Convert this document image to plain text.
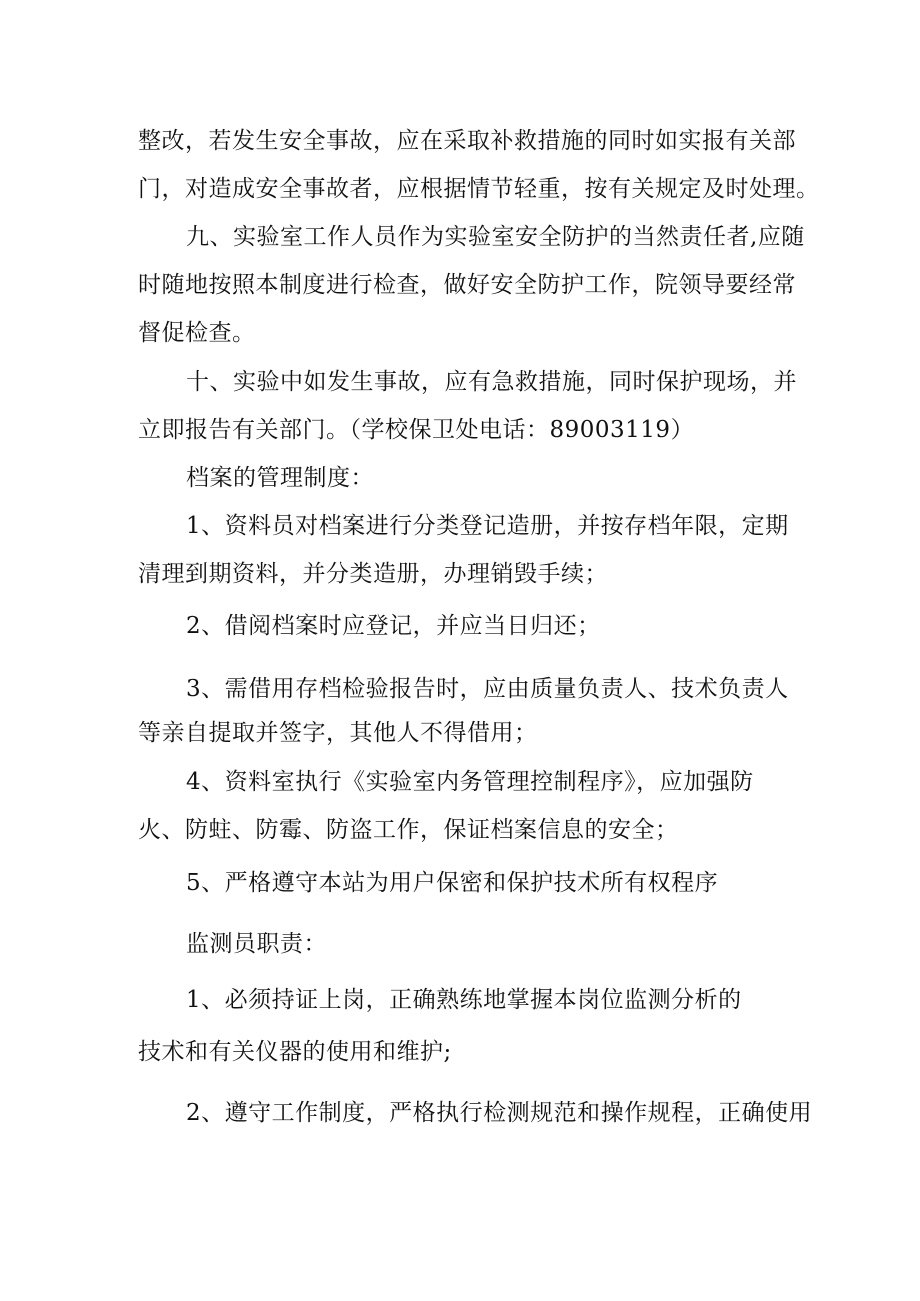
整改，若发生安全事故，应在采取补救措施的同时如实报有关部
门，对造成安全事故者，应根据情节轻重，按有关规定及时处理。
九、实验室工作人员作为实验室安全防护的当然责任者,应随
时随地按照本制度进行检查，做好安全防护工作，院领导要经常
督促检查。
十、实验中如发生事故，应有急救措施，同时保护现场，并
立即报告有关部门。（学校保卫处电话：89003119）
档案的管理制度：
1、资料员对档案进行分类登记造册，并按存档年限，定期
清理到期资料，并分类造册，办理销毁手续；
2、借阅档案时应登记，并应当日归还；
3、需借用存档检验报告时，应由质量负责人、技术负责人
等亲自提取并签字，其他人不得借用；
4、资料室执行《实验室内务管理控制程序》，应加强防
火、防蛀、防霉、防盗工作，保证档案信息的安全；
5、严格遵守本站为用户保密和保护技术所有权程序
监测员职责：
1、必须持证上岗，正确熟练地掌握本岗位监测分析的
技术和有关仪器的使用和维护;
2、遵守工作制度，严格执行检测规范和操作规程，正确使用
